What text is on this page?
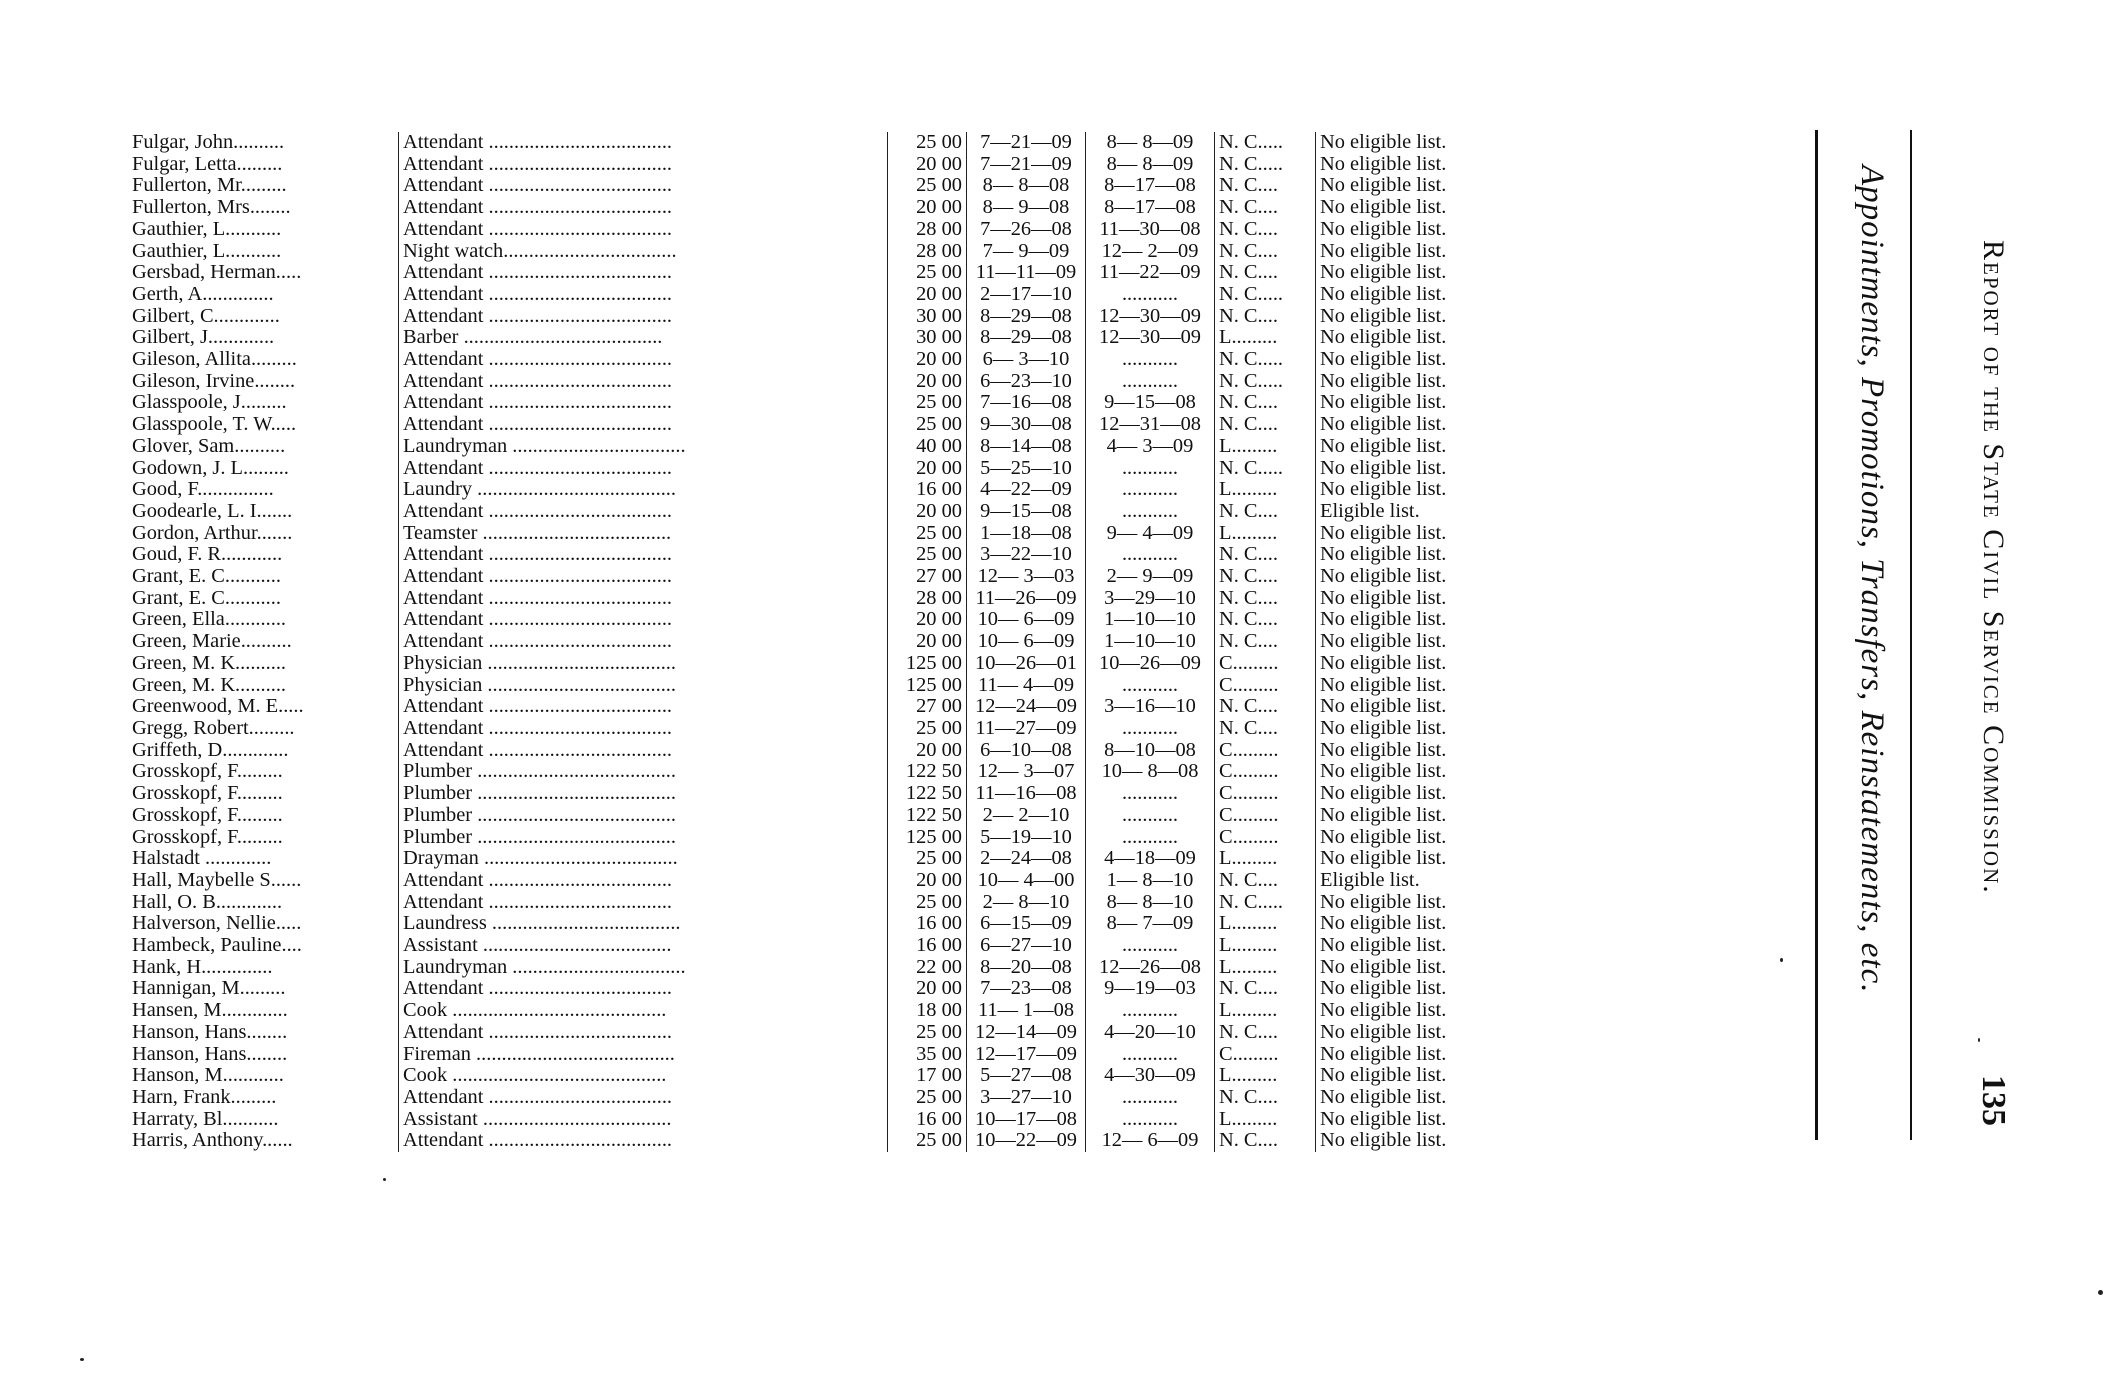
Fulgar, John..........	Attendant ....................................	25 00	7—21—09	8— 8—09	N. C.....	No eligible list.
Fulgar, Letta.........	Attendant ....................................	20 00	7—21—09	8— 8—09	N. C.....	No eligible list.
Fullerton, Mr.........	Attendant ....................................	25 00	8— 8—08	8—17—08	N. C....	No eligible list.
Fullerton, Mrs........	Attendant ....................................	20 00	8— 9—08	8—17—08	N. C....	No eligible list.
Gauthier, L...........	Attendant ....................................	28 00	7—26—08	11—30—08	N. C....	No eligible list.
Gauthier, L...........	Night watch..................................	28 00	7— 9—09	12— 2—09	N. C....	No eligible list.
Gersbad, Herman.....	Attendant ....................................	25 00	11—11—09	11—22—09	N. C....	No eligible list.
Gerth, A..............	Attendant ....................................	20 00	2—17—10	...........	N. C.....	No eligible list.
Gilbert, C.............	Attendant ....................................	30 00	8—29—08	12—30—09	N. C....	No eligible list.
Gilbert, J.............	Barber .......................................	30 00	8—29—08	12—30—09	L.........	No eligible list.
Gileson, Allita.........	Attendant ....................................	20 00	6— 3—10	...........	N. C.....	No eligible list.
Gileson, Irvine........	Attendant ....................................	20 00	6—23—10	...........	N. C.....	No eligible list.
Glasspoole, J.........	Attendant ....................................	25 00	7—16—08	9—15—08	N. C....	No eligible list.
Glasspoole, T. W.....	Attendant ....................................	25 00	9—30—08	12—31—08	N. C....	No eligible list.
Glover, Sam..........	Laundryman ..................................	40 00	8—14—08	4— 3—09	L.........	No eligible list.
Godown, J. L.........	Attendant ....................................	20 00	5—25—10	...........	N. C.....	No eligible list.
Good, F...............	Laundry .......................................	16 00	4—22—09	...........	L.........	No eligible list.
Goodearle, L. I.......	Attendant ....................................	20 00	9—15—08	...........	N. C....	Eligible list.
Gordon, Arthur.......	Teamster .....................................	25 00	1—18—08	9— 4—09	L.........	No eligible list.
Goud, F. R............	Attendant ....................................	25 00	3—22—10	...........	N. C....	No eligible list.
Grant, E. C...........	Attendant ....................................	27 00	12— 3—03	2— 9—09	N. C....	No eligible list.
Grant, E. C...........	Attendant ....................................	28 00	11—26—09	3—29—10	N. C....	No eligible list.
Green, Ella............	Attendant ....................................	20 00	10— 6—09	1—10—10	N. C....	No eligible list.
Green, Marie..........	Attendant ....................................	20 00	10— 6—09	1—10—10	N. C....	No eligible list.
Green, M. K..........	Physician .....................................	125 00	10—26—01	10—26—09	C.........	No eligible list.
Green, M. K..........	Physician .....................................	125 00	11— 4—09	...........	C.........	No eligible list.
Greenwood, M. E.....	Attendant ....................................	27 00	12—24—09	3—16—10	N. C....	No eligible list.
Gregg, Robert.........	Attendant ....................................	25 00	11—27—09	...........	N. C....	No eligible list.
Griffeth, D.............	Attendant ....................................	20 00	6—10—08	8—10—08	C.........	No eligible list.
Grosskopf, F.........	Plumber .......................................	122 50	12— 3—07	10— 8—08	C.........	No eligible list.
Grosskopf, F.........	Plumber .......................................	122 50	11—16—08	...........	C.........	No eligible list.
Grosskopf, F.........	Plumber .......................................	122 50	2— 2—10	...........	C.........	No eligible list.
Grosskopf, F.........	Plumber .......................................	125 00	5—19—10	...........	C.........	No eligible list.
Halstadt .............	Drayman ......................................	25 00	2—24—08	4—18—09	L.........	No eligible list.
Hall, Maybelle S......	Attendant ....................................	20 00	10— 4—00	1— 8—10	N. C....	Eligible list.
Hall, O. B.............	Attendant ....................................	25 00	2— 8—10	8— 8—10	N. C.....	No eligible list.
Halverson, Nellie.....	Laundress .....................................	16 00	6—15—09	8— 7—09	L.........	No eligible list.
Hambeck, Pauline....	Assistant .....................................	16 00	6—27—10	...........	L.........	No eligible list.
Hank, H..............	Laundryman ..................................	22 00	8—20—08	12—26—08	L.........	No eligible list.
Hannigan, M.........	Attendant ....................................	20 00	7—23—08	9—19—03	N. C....	No eligible list.
Hansen, M.............	Cook ..........................................	18 00	11— 1—08	...........	L.........	No eligible list.
Hanson, Hans........	Attendant ....................................	25 00	12—14—09	4—20—10	N. C....	No eligible list.
Hanson, Hans........	Fireman .......................................	35 00	12—17—09	...........	C.........	No eligible list.
Hanson, M............	Cook ..........................................	17 00	5—27—08	4—30—09	L.........	No eligible list.
Harn, Frank.........	Attendant ....................................	25 00	3—27—10	...........	N. C....	No eligible list.
Harraty, Bl...........	Assistant .....................................	16 00	10—17—08	...........	L.........	No eligible list.
Harris, Anthony......	Attendant ....................................	25 00	10—22—09	12— 6—09	N. C....	No eligible list.
Report of the State Civil Service Commission.
135
Appointments, Promotions, Transfers, Reinstatements, etc.
